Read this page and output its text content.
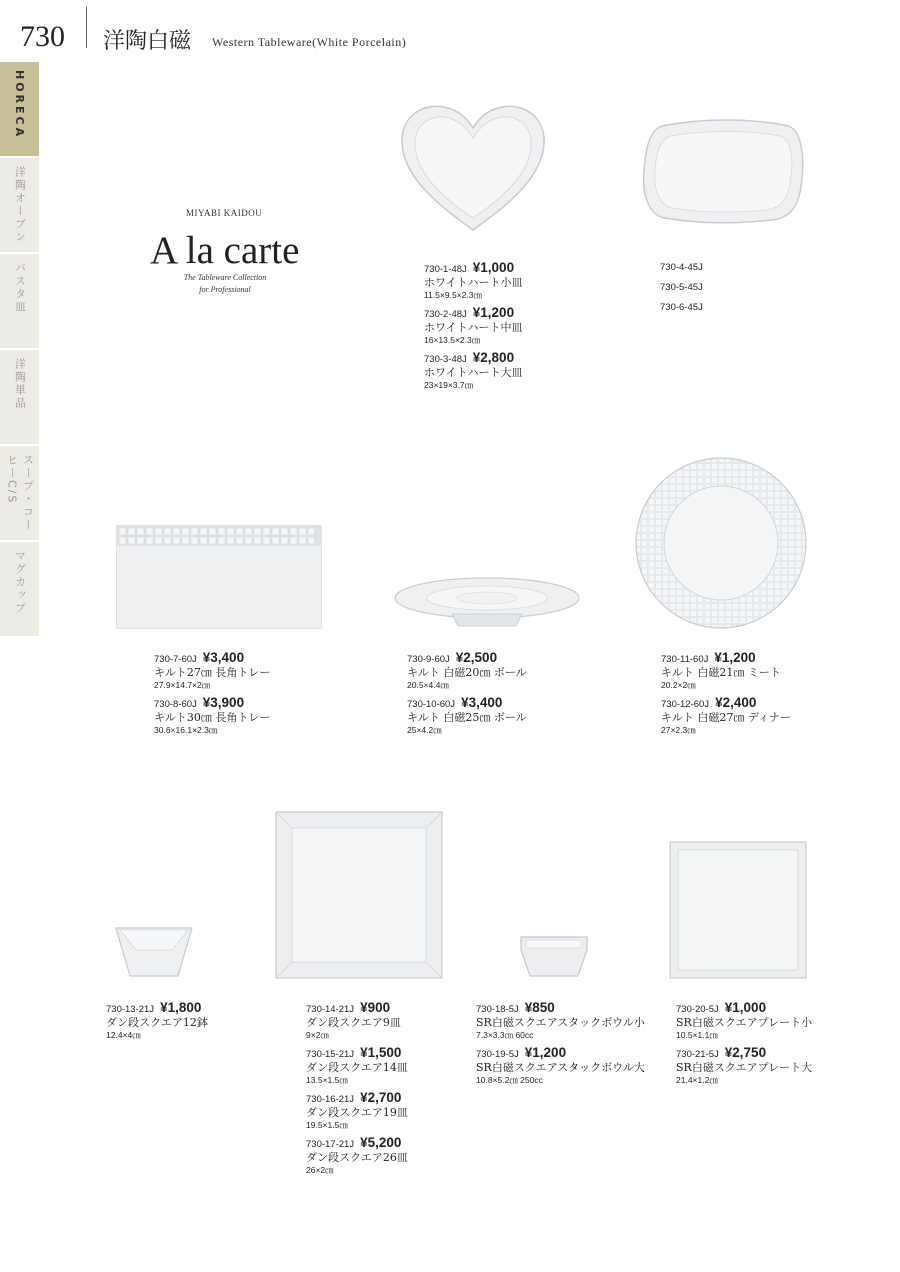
730 洋陶白磁 Western Tableware(White Porcelain)
HORECA
洋陶オーブン
パスタ皿
洋陶単品
スープ・コーヒーC/S
マグカップ
MIYABI KAIDOU
A la carte
The Tableware Collection
for Professional
730-1-48J ¥1,000
ホワイトハート小皿
11.5×9.5×2.3㎝
730-2-48J ¥1,200
ホワイトハート中皿
16×13.5×2.3㎝
730-3-48J ¥2,800
ホワイトハート大皿
23×19×3.7㎝
730-4-45J
730-5-45J
730-6-45J
730-7-60J ¥3,400
キルト27㎝ 長角トレー
27.9×14.7×2㎝
730-8-60J ¥3,900
キルト30㎝ 長角トレー
30.6×16.1×2.3㎝
730-9-60J ¥2,500
キルト 白磁20㎝ ボール
20.5×4.4㎝
730-10-60J ¥3,400
キルト 白磁25㎝ ボール
25×4.2㎝
730-11-60J ¥1,200
キルト 白磁21㎝ ミート
20.2×2㎝
730-12-60J ¥2,400
キルト 白磁27㎝ ディナー
27×2.3㎝
730-13-21J ¥1,800
ダン段スクエア12鉢
12.4×4㎝
730-14-21J ¥900
ダン段スクエア9皿
9×2㎝
730-15-21J ¥1,500
ダン段スクエア14皿
13.5×1.5㎝
730-16-21J ¥2,700
ダン段スクエア19皿
19.5×1.5㎝
730-17-21J ¥5,200
ダン段スクエア26皿
26×2㎝
730-18-5J ¥850
SR白磁スクエアスタックボウル小
7.3×3.3㎝ 60cc
730-19-5J ¥1,200
SR白磁スクエアスタックボウル大
10.8×5.2㎝ 250cc
730-20-5J ¥1,000
SR白磁スクエアプレート小
10.5×1.1㎝
730-21-5J ¥2,750
SR白磁スクエアプレート大
21.4×1.2㎝
